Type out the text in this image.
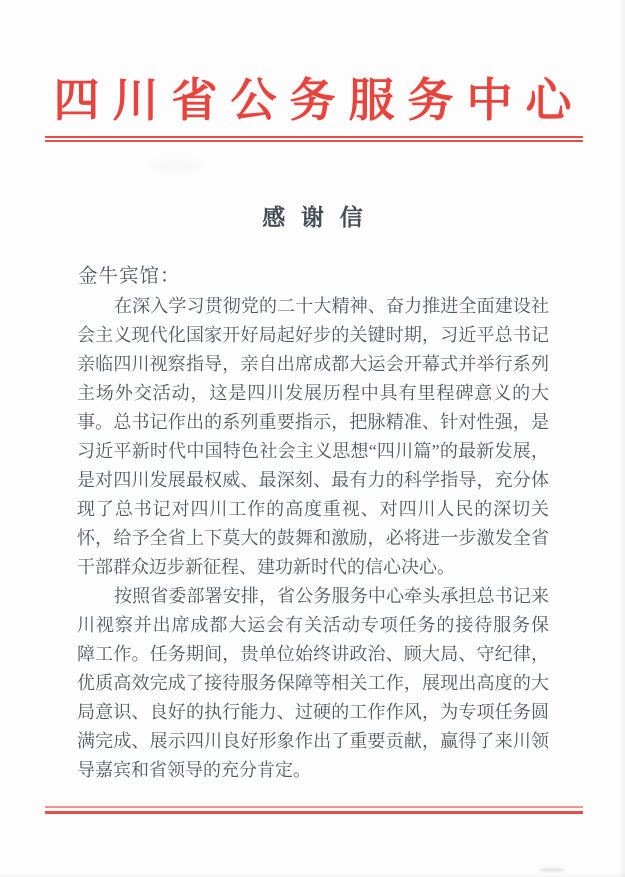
四川省公务服务中心
感 谢 信
金牛宾馆：
在深入学习贯彻党的二十大精神、奋力推进全面建设社
会主义现代化国家开好局起好步的关键时期，习近平总书记
亲临四川视察指导，亲自出席成都大运会开幕式并举行系列
主场外交活动，这是四川发展历程中具有里程碑意义的大
事。总书记作出的系列重要指示，把脉精准、针对性强，是
习近平新时代中国特色社会主义思想“四川篇”的最新发展，
是对四川发展最权威、最深刻、最有力的科学指导，充分体
现了总书记对四川工作的高度重视、对四川人民的深切关
怀，给予全省上下莫大的鼓舞和激励，必将进一步激发全省
干部群众迈步新征程、建功新时代的信心决心。
按照省委部署安排，省公务服务中心牵头承担总书记来
川视察并出席成都大运会有关活动专项任务的接待服务保
障工作。任务期间，贵单位始终讲政治、顾大局、守纪律，
优质高效完成了接待服务保障等相关工作，展现出高度的大
局意识、良好的执行能力、过硬的工作作风，为专项任务圆
满完成、展示四川良好形象作出了重要贡献，赢得了来川领
导嘉宾和省领导的充分肯定。
